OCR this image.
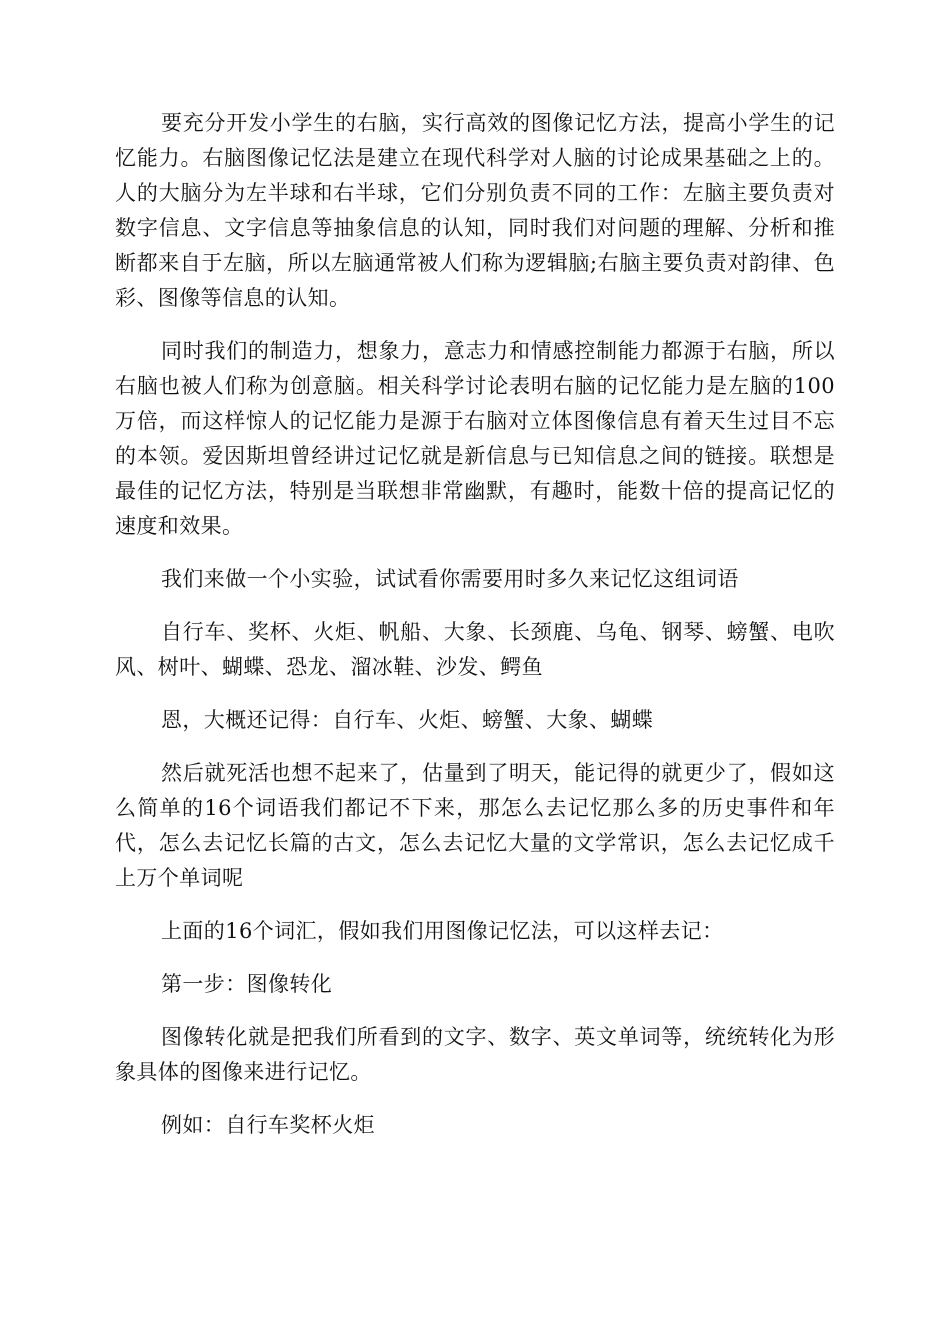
要充分开发小学生的右脑，实行高效的图像记忆方法，提高小学生的记忆能力。右脑图像记忆法是建立在现代科学对人脑的讨论成果基础之上的。人的大脑分为左半球和右半球，它们分别负责不同的工作：左脑主要负责对数字信息、文字信息等抽象信息的认知，同时我们对问题的理解、分析和推断都来自于左脑，所以左脑通常被人们称为逻辑脑;右脑主要负责对韵律、色彩、图像等信息的认知。

同时我们的制造力，想象力，意志力和情感控制能力都源于右脑，所以右脑也被人们称为创意脑。相关科学讨论表明右脑的记忆能力是左脑的100万倍，而这样惊人的记忆能力是源于右脑对立体图像信息有着天生过目不忘的本领。爱因斯坦曾经讲过记忆就是新信息与已知信息之间的链接。联想是最佳的记忆方法，特别是当联想非常幽默，有趣时，能数十倍的提高记忆的速度和效果。

我们来做一个小实验，试试看你需要用时多久来记忆这组词语

自行车、奖杯、火炬、帆船、大象、长颈鹿、乌龟、钢琴、螃蟹、电吹风、树叶、蝴蝶、恐龙、溜冰鞋、沙发、鳄鱼

恩，大概还记得：自行车、火炬、螃蟹、大象、蝴蝶

然后就死活也想不起来了，估量到了明天，能记得的就更少了，假如这么简单的16个词语我们都记不下来，那怎么去记忆那么多的历史事件和年代，怎么去记忆长篇的古文，怎么去记忆大量的文学常识，怎么去记忆成千上万个单词呢

上面的16个词汇，假如我们用图像记忆法，可以这样去记：

第一步：图像转化

图像转化就是把我们所看到的文字、数字、英文单词等，统统转化为形象具体的图像来进行记忆。

例如：自行车奖杯火炬
